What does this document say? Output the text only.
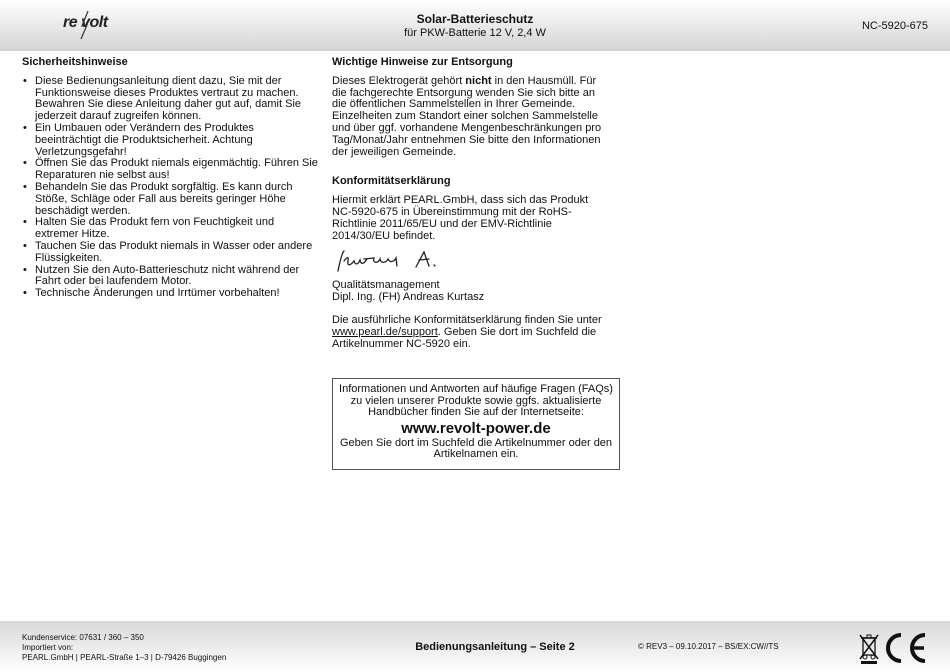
re volt	Solar-Batterieschutz
für PKW-Batterie 12 V, 2,4 W
NC-5920-675
Sicherheitshinweise
• Diese Bedienungsanleitung dient dazu, Sie mit der Funktionsweise dieses Produktes vertraut zu machen. Bewahren Sie diese Anleitung daher gut auf, damit Sie jederzeit darauf zugreifen können.
• Ein Umbauen oder Verändern des Produktes beeinträchtigt die Produktsicherheit. Achtung Verletzungsgefahr!
• Öffnen Sie das Produkt niemals eigenmächtig. Führen Sie Reparaturen nie selbst aus!
• Behandeln Sie das Produkt sorgfältig. Es kann durch Stöße, Schläge oder Fall aus bereits geringer Höhe beschädigt werden.
• Halten Sie das Produkt fern von Feuchtigkeit und extremer Hitze.
• Tauchen Sie das Produkt niemals in Wasser oder andere Flüssigkeiten.
• Nutzen Sie den Auto-Batterieschutz nicht während der Fahrt oder bei laufendem Motor.
• Technische Änderungen und Irrtümer vorbehalten!
Wichtige Hinweise zur Entsorgung

Dieses Elektrogerät gehört nicht in den Hausmüll. Für die fachgerechte Entsorgung wenden Sie sich bitte an die öffentlichen Sammelstellen in Ihrer Gemeinde. Einzelheiten zum Standort einer solchen Sammelstelle und über ggf. vorhandene Mengenbeschränkungen pro Tag/Monat/Jahr entnehmen Sie bitte den Informationen der jeweiligen Gemeinde.

Konformitätserklärung

Hiermit erklärt PEARL.GmbH, dass sich das Produkt NC-5920-675 in Übereinstimmung mit der RoHS-Richtlinie 2011/65/EU und der EMV-Richtlinie 2014/30/EU befindet.

Qualitätsmanagement

Dipl. Ing. (FH) Andreas Kurtasz

Die ausführliche Konformitätserklärung finden Sie unter www.pearl.de/support. Geben Sie dort im Suchfeld die Artikelnummer NC-5920 ein.

Informationen und Antworten auf häufige Fragen (FAQs) zu vielen unserer Produkte sowie ggfs. aktualisierte Handbücher finden Sie auf der Internetseite:

www.revolt-power.de

Geben Sie dort im Suchfeld die Artikelnummer oder den Artikelnamen ein.

Kundenservice: 07631 / 360 – 350
Importiert von:
PEARL.GmbH | PEARL-Straße 1–3 | D-79426 Buggingen
Bedienungsanleitung – Seite 2	© REV3 – 09.10.2017 – BS/EX:CW//TS
